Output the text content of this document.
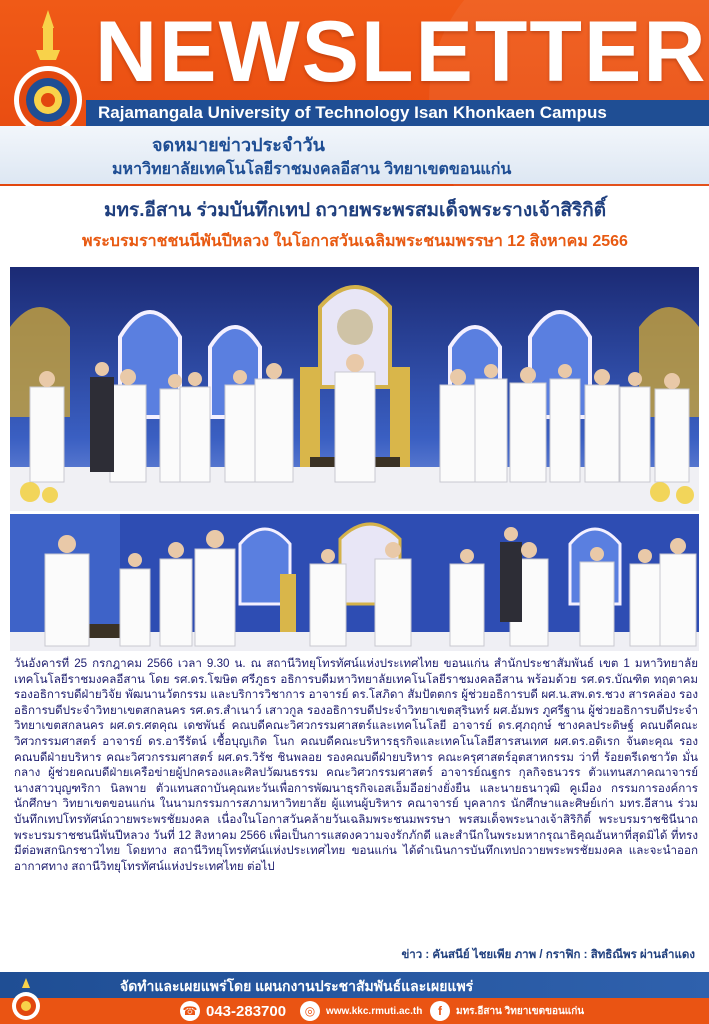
NEWSLETTER
Rajamangala University of Technology Isan Khonkaen Campus
จดหมายข่าวประจำวัน
มหาวิทยาลัยเทคโนโลยีราชมงคลอีสาน วิทยาเขตขอนแก่น
มทร.อีสาน ร่วมบันทึกเทป ถวายพระพรสมเด็จพระรางเจ้าสิริกิติ์
พระบรมราชชนนีพันปีหลวง ในโอกาสวันเฉลิมพระชนมพรรษา 12 สิงหาคม 2566
วันอังคารที่ 25 กรกฎาคม 2566 เวลา 9.30 น. ณ สถานีวิทยุโทรทัศน์แห่งประเทศไทย ขอนแก่น สำนักประชาสัมพันธ์ เขต 1 มหาวิทยาลัยเทคโนโลยีราชมงคลอีสาน โดย รศ.ดร.โฆษิต ศรีภูธร อธิการบดีมหาวิทยาลัยเทคโนโลยีราชมงคลอีสาน พร้อมด้วย รศ.ดร.บัณฑิต ทฤตาคม รองอธิการบดีฝ่ายวิจัย พัฒนานวัตกรรม และบริการวิชาการ อาจารย์ ดร.โสภิดา สัมปัตตกร ผู้ช่วยอธิการบดี ผศ.น.สพ.ดร.ชวง สารคล่อง รองอธิการบดีประจำวิทยาเขตสกลนคร รศ.ดร.สำเนาว์ เสาวกูล รองอธิการบดีประจำวิทยาเขตสุรินทร์ ผศ.อัมพร ภูศรีฐาน ผู้ช่วยอธิการบดีประจำวิทยาเขตสกลนคร ผศ.ดร.ศตคุณ เดชพันธ์ คณบดีคณะวิศวกรรมศาสตร์และเทคโนโลยี อาจารย์ ดร.ศุภฤกษ์ ชางคลประดิษฐ์ คณบดีคณะวิศวกรรมศาสตร์ อาจารย์ ดร.อารีรัตน์ เชื้อบุญเกิด โนก คณบดีคณะบริหารธุรกิจและเทคโนโลยีสารสนเทศ ผศ.ดร.อดิเรก จันตะคุณ รองคณบดีฝ่ายบริหาร คณะวิศวกรรมศาสตร์ ผศ.ดร.วิรัช ชินพลอย รองคณบดีฝ่ายบริหาร คณะครุศาสตร์อุตสาหกรรม ว่าที่ ร้อยตรีเดชาวัต มั่นกลาง ผู้ช่วยคณบดีฝ่ายเครือข่ายผู้ปกครองและศิลปวัฒนธรรม คณะวิศวกรรมศาสตร์ อาจารย์ณฐกร กุลกิจธนวรร ตัวแทนสภาคณาจารย์ นางสาวบุญฑริกา นิลพาย ตัวแทนสถาบันคุณหะวันเพื่อการพัฒนาธุรกิจเอสเอ็มอีอย่างยั่งยืน และนายธนาวุฒิ คูเมือง กรรมการองค์การนักศึกษา วิทยาเขตขอนแก่น ในนามกรรมการสภามหาวิทยาลัย ผู้แทนผู้บริหาร คณาจารย์ บุคลากร นักศึกษาและศิษย์เก่า มทร.อีสาน ร่วมบันทึกเทปโทรทัศน์ถวายพระพรชัยมงคล เนื่องในโอกาสวันคล้ายวันเฉลิมพระชนมพรรษา พรสมเด็จพระนางเจ้าสิริกิติ์ พระบรมราชชินีนาถ พระบรมราชชนนีพันปีหลวง วันที่ 12 สิงหาคม 2566 เพื่อเป็นการแสดงความจงรักภักดี และสำนึกในพระมหากรุณาธิคุณอันหาที่สุดมิได้ ที่ทรงมีต่อพสกนิกรชาวไทย โดยทาง สถานีวิทยุโทรทัศน์แห่งประเทศไทย ขอนแก่น ได้ดำเนินการบันทึกเทปถวายพระพรชัยมงคล และจะนำออกอากาศทาง สถานีวิทยุโทรทัศน์แห่งประเทศไทย ต่อไป
ข่าว : คันสนีย์ ไชยเพีย ภาพ / กราฟิก : สิทธิณีพร ผ่านลำแดง
จัดทำและเผยแพร่โดย แผนกงานประชาสัมพันธ์และเผยแพร่
☎ 043-283700	◎	www.kkc.rmuti.ac.th	f	มทร.อีสาน วิทยาเขตขอนแก่น
